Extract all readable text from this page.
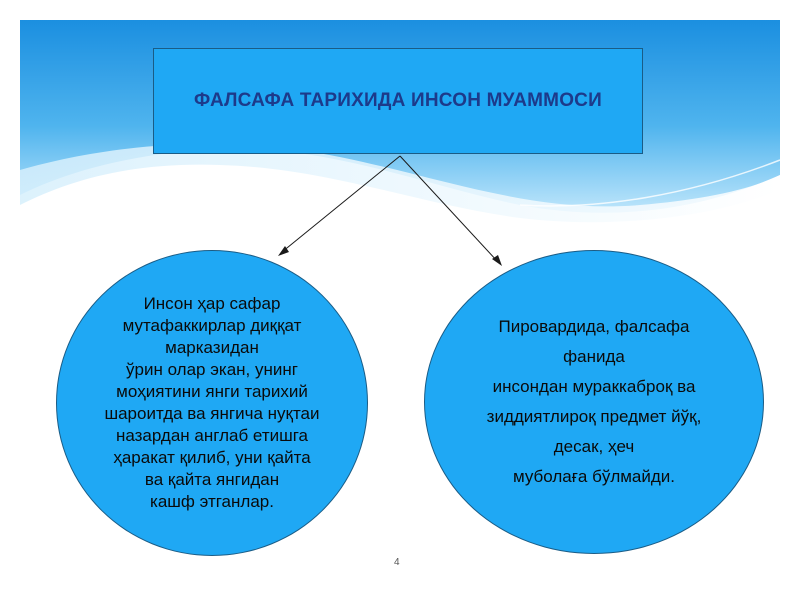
ФАЛСАФА ТАРИХИДА ИНСОН МУАММОСИ
Инсон ҳар сафар
мутафаккирлар диққат
марказидан
ўрин олар экан, унинг
моҳиятини янги тарихий
шароитда ва янгича нуқтаи
назардан англаб етишга
ҳаракат қилиб, уни қайта
ва қайта янгидан
кашф этганлар.
Пировардида, фалсафа
фанида
инсондан мураккаброқ ва
зиддиятлироқ предмет йўқ,
десак, ҳеч
муболаға бўлмайди.
4
